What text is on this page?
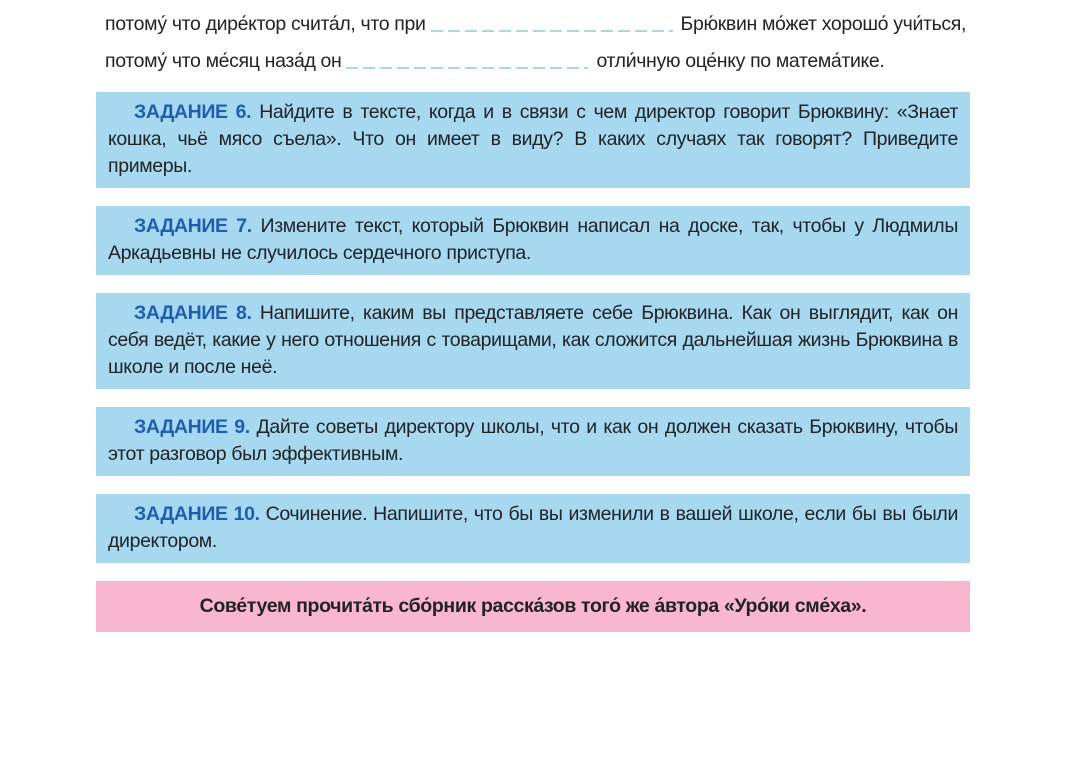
потому́ что дире́ктор счита́л, что при	Брю́квин мо́жет хорошо́ учи́ться,
потому́ что ме́сяц наза́д он	отли́чную оце́нку по матема́тике.

ЗАДАНИЕ 6. Найдите в тексте, когда и в связи с чем директор говорит Брюквину: «Знает кошка, чьё мясо съела». Что он имеет в виду? В каких случаях так говорят? Приведите примеры.

ЗАДАНИЕ 7. Измените текст, который Брюквин написал на доске, так, чтобы у Людмилы Аркадьевны не случилось сердечного приступа.

ЗАДАНИЕ 8. Напишите, каким вы представляете себе Брюквина. Как он выглядит, как он себя ведёт, какие у него отношения с товарищами, как сложится дальнейшая жизнь Брюквина в школе и после неё.

ЗАДАНИЕ 9. Дайте советы директору школы, что и как он должен сказать Брюквину, чтобы этот разговор был эффективным.

ЗАДАНИЕ 10. Сочинение. Напишите, что бы вы изменили в вашей школе, если бы вы были директором.

Сове́туем прочита́ть сбо́рник расска́зов того́ же а́втора «Уро́ки сме́ха».
